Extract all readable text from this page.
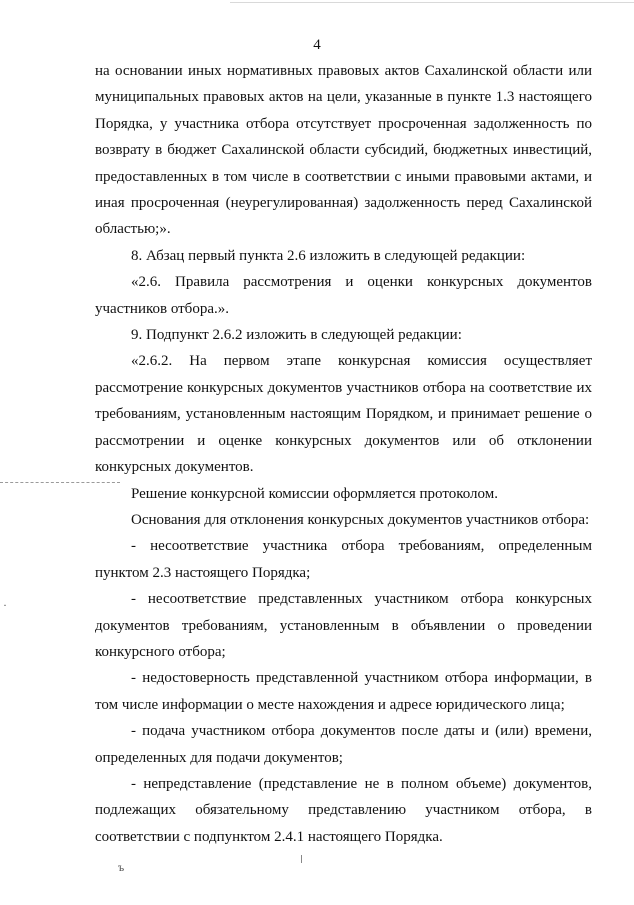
·
ъ
4

на основании иных нормативных правовых актов Сахалинской области или
муниципальных правовых актов на цели, указанные в пункте 1.3 настоящего
Порядка, у участника отбора отсутствует просроченная задолженность по
возврату в бюджет Сахалинской области субсидий, бюджетных инвестиций,
предоставленных в том числе в соответствии с иными правовыми актами, и
иная просроченная (неурегулированная) задолженность перед Сахалинской
областью;».

8. Абзац первый пункта 2.6 изложить в следующей редакции:

«2.6. Правила рассмотрения и оценки конкурсных документов
участников отбора.».

9. Подпункт 2.6.2 изложить в следующей редакции:

«2.6.2. На первом этапе конкурсная комиссия осуществляет
рассмотрение конкурсных документов участников отбора на соответствие их
требованиям, установленным настоящим Порядком, и принимает решение о
рассмотрении и оценке конкурсных документов или об отклонении
конкурсных документов.

Решение конкурсной комиссии оформляется протоколом.

Основания для отклонения конкурсных документов участников отбора:

- несоответствие участника отбора требованиям, определенным
пунктом 2.3 настоящего Порядка;

- несоответствие представленных участником отбора конкурсных
документов требованиям, установленным в объявлении о проведении
конкурсного отбора;

- недостоверность представленной участником отбора информации, в
том числе информации о месте нахождения и адресе юридического лица;

- подача участником отбора документов после даты и (или) времени,
определенных для подачи документов;

- непредставление (представление не в полном объеме) документов,
подлежащих обязательному представлению участником отбора, в
соответствии с подпунктом 2.4.1 настоящего Порядка.
